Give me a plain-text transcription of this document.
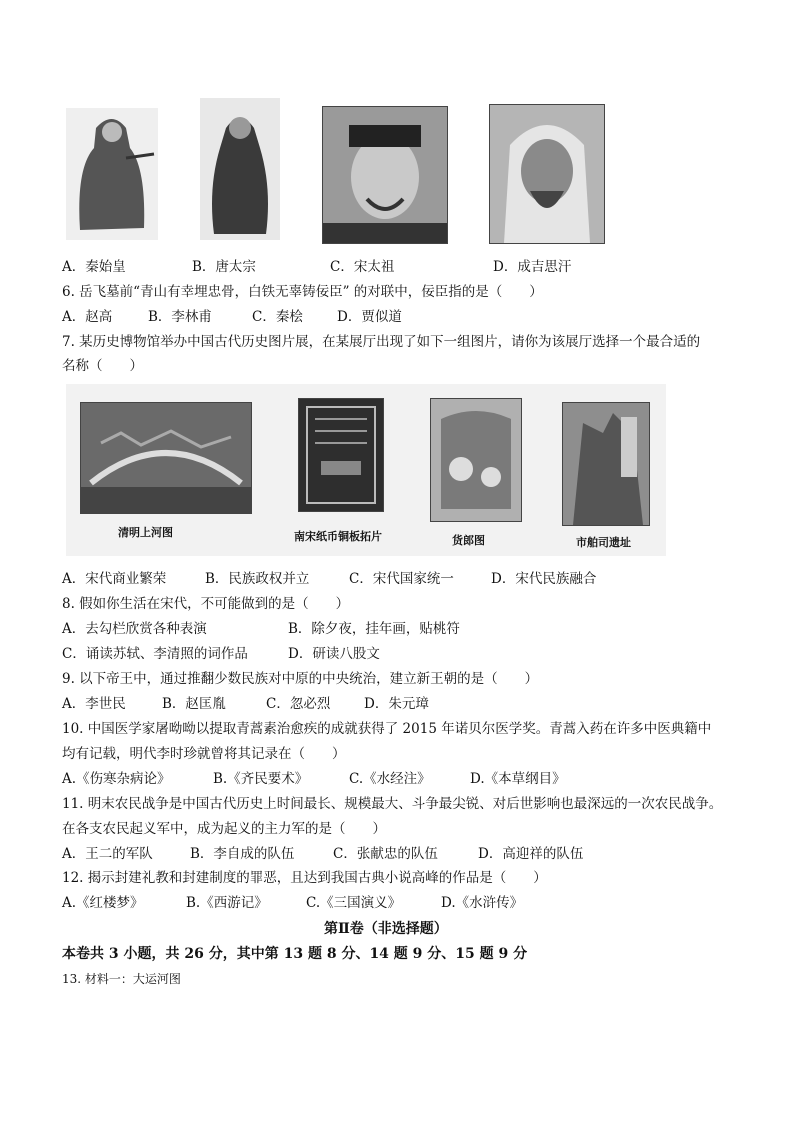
A．秦始皇	B．唐太宗	C．宋太祖	D．成吉思汗
6. 岳飞墓前“青山有幸埋忠骨，白铁无辜铸佞臣” 的对联中，佞臣指的是（　　）
A．赵高	B．李林甫	C．秦桧	D．贾似道
7. 某历史博物馆举办中国古代历史图片展，在某展厅出现了如下一组图片，请你为该展厅选择一个最合适的
名称（　　）
清明上河图	南宋纸币铜板拓片	货郎图	市舶司遗址
A．宋代商业繁荣	B．民族政权并立	C．宋代国家统一	D．宋代民族融合
8. 假如你生活在宋代，不可能做到的是（　　）
A．去勾栏欣赏各种表演	B．除夕夜，挂年画，贴桃符
C．诵读苏轼、李清照的词作品	D．研读八股文
9. 以下帝王中，通过推翻少数民族对中原的中央统治，建立新王朝的是（　　）
A．李世民	B．赵匡胤	C．忽必烈 D．朱元璋
10. 中国医学家屠呦呦以提取青蒿素治愈疾的成就获得了 2015 年诺贝尔医学奖。青蒿入药在许多中医典籍中
均有记载，明代李时珍就曾将其记录在（　　）
A.《伤寒杂病论》	B.《齐民要术》	C.《水经注》	D.《本草纲目》
11. 明末农民战争是中国古代历史上时间最长、规模最大、斗争最尖锐、对后世影响也最深远的一次农民战争。
在各支农民起义军中，成为起义的主力军的是（　　）
A．王二的军队	B．李自成的队伍	C．张献忠的队伍	D．高迎祥的队伍
12. 揭示封建礼教和封建制度的罪恶，且达到我国古典小说高峰的作品是（　　）
A.《红楼梦》	B.《西游记》	C.《三国演义》	D.《水浒传》
第Ⅱ卷（非选择题）
本卷共 3 小题，共 26 分，其中第 13 题 8 分、14 题 9 分、15 题 9 分
13. 材料一：大运河图
